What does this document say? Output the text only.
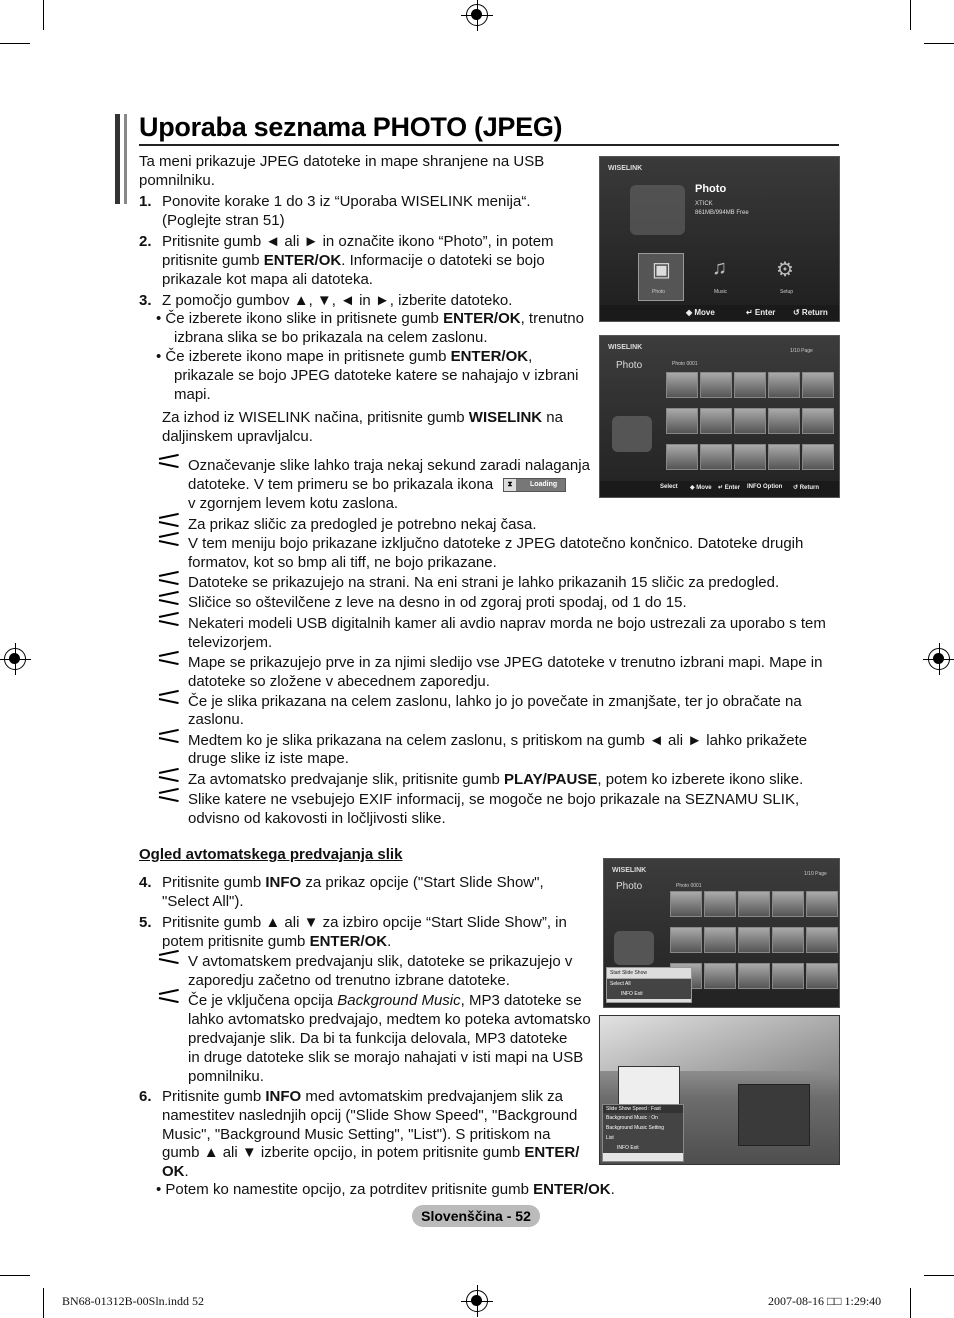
Uporaba seznama PHOTO (JPEG)
Ta meni prikazuje JPEG datoteke in mape shranjene na USB pomnilniku.
1. Ponovite korake 1 do 3 iz “Uporaba WISELINK menija“.
(Poglejte stran 51)
2. Pritisnite gumb ◄ ali ► in označite ikono “Photo”, in potem
pritisnite gumb ENTER/OK. Informacije o datoteki se bojo
prikazale kot mapa ali datoteka.
3. Z pomočjo gumbov ▲, ▼, ◄ in ►, izberite datoteko.
• Če izberete ikono slike in pritisnete gumb ENTER/OK, trenutno
izbrana slika se bo prikazala na celem zaslonu.
• Če izberete ikono mape in pritisnete gumb ENTER/OK,
prikazale se bojo JPEG datoteke katere se nahajajo v izbrani
mapi.
Za izhod iz WISELINK načina, pritisnite gumb WISELINK na
daljinskem upravljalcu.
Označevanje slike lahko traja nekaj sekund zaradi nalaganja
datoteke. V tem primeru se bo prikazala ikona	⧗	Loading
v zgornjem levem kotu zaslona.
Za prikaz sličic za predogled je potrebno nekaj časa.
V tem meniju bojo prikazane izključno datoteke z JPEG datotečno končnico. Datoteke drugih
formatov, kot so bmp ali tiff, ne bojo prikazane.
Datoteke se prikazujejo na strani. Na eni strani je lahko prikazanih 15 sličic za predogled.
Sličice so oštevilčene z leve na desno in od zgoraj proti spodaj, od 1 do 15.
Nekateri modeli USB digitalnih kamer ali avdio naprav morda ne bojo ustrezali za uporabo s tem
televizorjem.
Mape se prikazujejo prve in za njimi sledijo vse JPEG datoteke v trenutno izbrani mapi. Mape in
datoteke so zložene v abecednem zaporedju.
Če je slika prikazana na celem zaslonu, lahko jo jo povečate in zmanjšate, ter jo obračate na
zaslonu.
Medtem ko je slika prikazana na celem zaslonu, s pritiskom na gumb ◄ ali ► lahko prikažete
druge slike iz iste mape.
Za avtomatsko predvajanje slik, pritisnite gumb PLAY/PAUSE, potem ko izberete ikono slike.
Slike katere ne vsebujejo EXIF informacij, se mogoče ne bojo prikazale na SEZNAMU SLIK,
odvisno od kakovosti in ločljivosti slike.
Ogled avtomatskega predvajanja slik
4. Pritisnite gumb INFO za prikaz opcije ("Start Slide Show",
"Select All").
5. Pritisnite gumb ▲ ali ▼ za izbiro opcije “Start Slide Show”, in
potem pritisnite gumb ENTER/OK.
V avtomatskem predvajanju slik, datoteke se prikazujejo v
zaporedju začetno od trenutno izbrane datoteke.
Če je vključena opcija Background Music, MP3 datoteke se
lahko avtomatsko predvajajo, medtem ko poteka avtomatsko
predvajanje slik. Da bi ta funkcija delovala, MP3 datoteke
in druge datoteke slik se morajo nahajati v isti mapi na USB
pomnilniku.
6. Pritisnite gumb INFO med avtomatskim predvajanjem slik za
namestitev naslednjih opcij ("Slide Show Speed", "Background
Music", "Background Music Setting", "List"). S pritiskom na
gumb ▲ ali ▼ izberite opcijo, in potem pritisnite gumb ENTER/
OK.
• Potem ko namestite opcijo, za potrditev pritisnite gumb ENTER/OK.
WISELINK
Photo
XTICK
861MB/994MB Free
▣ ♫ ⚙
Photo	Music	Setup
◆ Move	↵ Enter ↺ Return
WISELINK	1/10 Page
Photo	Photo 0001
Select ◆ Move ↵ Enter INFO Option ↺ Return
WISELINK	1/10 Page
Photo	Photo 0001
Start Slide Show
Select All
INFO Exit
Slide Show Speed : Fast
Background Music : On
Background Music Setting
List
INFO Exit
Slovenščina - 52
BN68-01312B-00Sln.indd 52	2007-08-16 □□ 1:29:40
